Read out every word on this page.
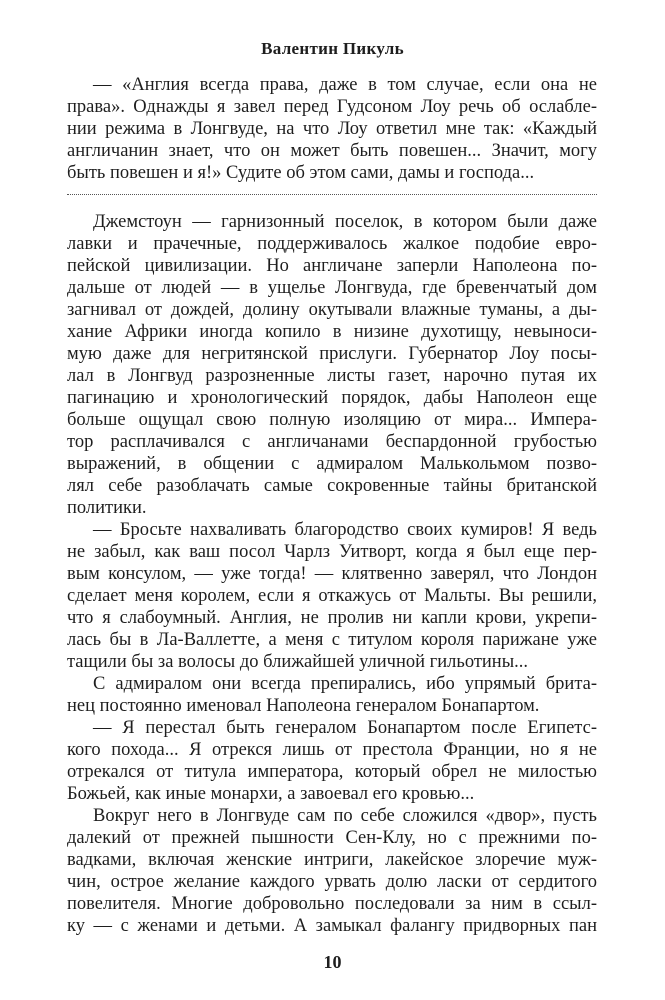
Валентин Пикуль
— «Англия всегда права, даже в том случае, если она не
права». Однажды я завел перед Гудсоном Лоу речь об ослабле-
нии режима в Лонгвуде, на что Лоу ответил мне так: «Каждый
англичанин знает, что он может быть повешен... Значит, могу
быть повешен и я!» Судите об этом сами, дамы и господа...
Джемстоун — гарнизонный поселок, в котором были даже
лавки и прачечные, поддерживалось жалкое подобие евро-
пейской цивилизации. Но англичане заперли Наполеона по-
дальше от людей — в ущелье Лонгвуда, где бревенчатый дом
загнивал от дождей, долину окутывали влажные туманы, а ды-
хание Африки иногда копило в низине духотищу, невыноси-
мую даже для негритянской прислуги. Губернатор Лоу посы-
лал в Лонгвуд разрозненные листы газет, нарочно путая их
пагинацию и хронологический порядок, дабы Наполеон еще
больше ощущал свою полную изоляцию от мира... Импера-
тор расплачивался с англичанами беспардонной грубостью
выражений, в общении с адмиралом Малькольмом позво-
лял себе разоблачать самые сокровенные тайны британской
политики.
— Бросьте нахваливать благородство своих кумиров! Я ведь
не забыл, как ваш посол Чарлз Уитворт, когда я был еще пер-
вым консулом, — уже тогда! — клятвенно заверял, что Лондон
сделает меня королем, если я откажусь от Мальты. Вы решили,
что я слабоумный. Англия, не пролив ни капли крови, укрепи-
лась бы в Ла-Валлетте, а меня с титулом короля парижане уже
тащили бы за волосы до ближайшей уличной гильотины...
С адмиралом они всегда препирались, ибо упрямый брита-
нец постоянно именовал Наполеона генералом Бонапартом.
— Я перестал быть генералом Бонапартом после Египетс-
кого похода... Я отрекся лишь от престола Франции, но я не
отрекался от титула императора, который обрел не милостью
Божьей, как иные монархи, а завоевал его кровью...
Вокруг него в Лонгвуде сам по себе сложился «двор», пусть
далекий от прежней пышности Сен-Клу, но с прежними по-
вадками, включая женские интриги, лакейское злоречие муж-
чин, острое желание каждого урвать долю ласки от сердитого
повелителя. Многие добровольно последовали за ним в ссыл-
ку — с женами и детьми. А замыкал фалангу придворных пан
10
